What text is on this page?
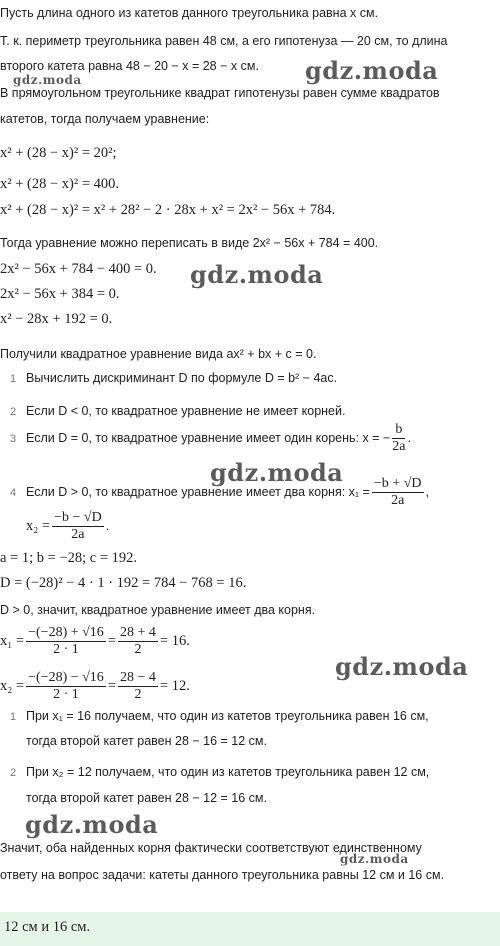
Пусть длина одного из катетов данного треугольника равна x см.
Т. к. периметр треугольника равен 48 см, а его гипотенуза — 20 см, то длина
второго катета равна 48 − 20 − x = 28 − x см.
В прямоугольном треугольнике квадрат гипотенузы равен сумме квадратов
катетов, тогда получаем уравнение:
x² + (28 − x)² = 20²;
x² + (28 − x)² = 400.
x² + (28 − x)² = x² + 28² − 2 · 28x + x² = 2x² − 56x + 784.
Тогда уравнение можно переписать в виде 2x² − 56x + 784 = 400.
2x² − 56x + 784 − 400 = 0.
2x² − 56x + 384 = 0.
x² − 28x + 192 = 0.
Получили квадратное уравнение вида ax² + bx + c = 0.
1 Вычислить дискриминант D по формуле D = b² − 4ac.
2 Если D < 0, то квадратное уравнение не имеет корней.
3 Если D = 0, то квадратное уравнение имеет один корень: x = − $\frac{b}{2a}$ .
4 Если D > 0, то квадратное уравнение имеет два корня: $x_1 = \frac{-b + √D}{2a}$ ,
$x_2 = \frac{-b - √D}{2a}$ .
a = 1; b = −28; c = 192.
D = (−28)² − 4 · 1 · 192 = 784 − 768 = 16.
D > 0, значит, квадратное уравнение имеет два корня.
$x_1 = \frac{-(-28) + √16}{2 \cdot 1} = \frac{28 + 4}{2} = 16$.
$x_2 = \frac{-(-28) - √16}{2 \cdot 1} = \frac{28 - 4}{2} = 12$.
1 При x₁ = 16 получаем, что один из катетов треугольника равен 16 см,
тогда второй катет равен 28 − 16 = 12 см.
2 При x₂ = 12 получаем, что один из катетов треугольника равен 12 см,
тогда второй катет равен 28 − 12 = 16 см.
Значит, оба найденных корня фактически соответствуют единственному
ответу на вопрос задачи: катеты данного треугольника равны 12 см и 16 см.
12 см и 16 см.
gdz.moda	gdz.moda
gdz.moda
gdz.moda
gdz.moda
gdz.moda
gdz.moda
